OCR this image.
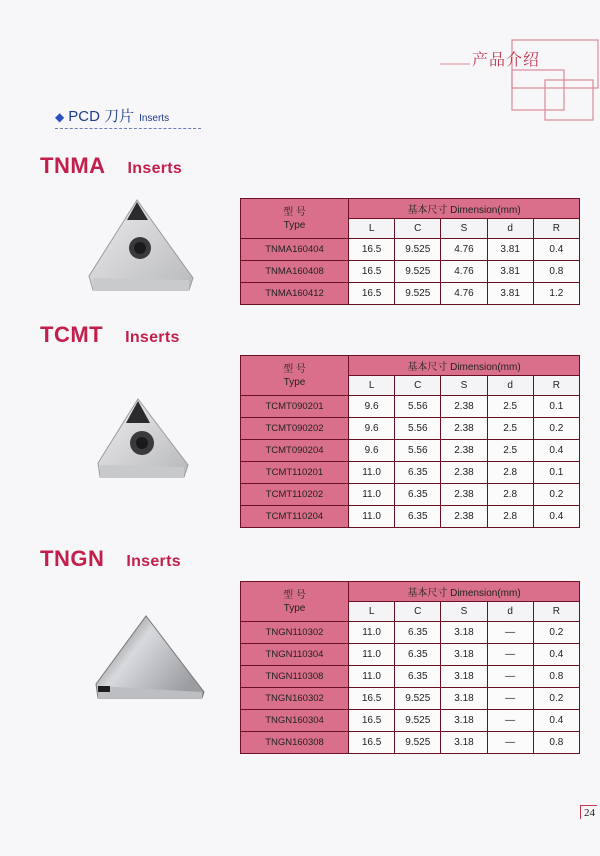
产品介绍
◆ PCD 刀片 Inserts
TNMA Inserts
型 号
Type	基本尺寸 Dimension(mm)				
	L	C	S	d	R
TNMA160404	16.5	9.525	4.76	3.81	0.4
TNMA160408	16.5	9.525	4.76	3.81	0.8
TNMA160412	16.5	9.525	4.76	3.81	1.2
TCMT Inserts
型 号
Type	基本尺寸 Dimension(mm)				
	L	C	S	d	R
TCMT090201	9.6	5.56	2.38	2.5	0.1
TCMT090202	9.6	5.56	2.38	2.5	0.2
TCMT090204	9.6	5.56	2.38	2.5	0.4
TCMT110201	11.0	6.35	2.38	2.8	0.1
TCMT110202	11.0	6.35	2.38	2.8	0.2
TCMT110204	11.0	6.35	2.38	2.8	0.4
TNGN Inserts
型 号
Type	基本尺寸 Dimension(mm)				
	L	C	S	d	R
TNGN110302	11.0	6.35	3.18	—	0.2
TNGN110304	11.0	6.35	3.18	—	0.4
TNGN110308	11.0	6.35	3.18	—	0.8
TNGN160302	16.5	9.525	3.18	—	0.2
TNGN160304	16.5	9.525	3.18	—	0.4
TNGN160308	16.5	9.525	3.18	—	0.8
24
